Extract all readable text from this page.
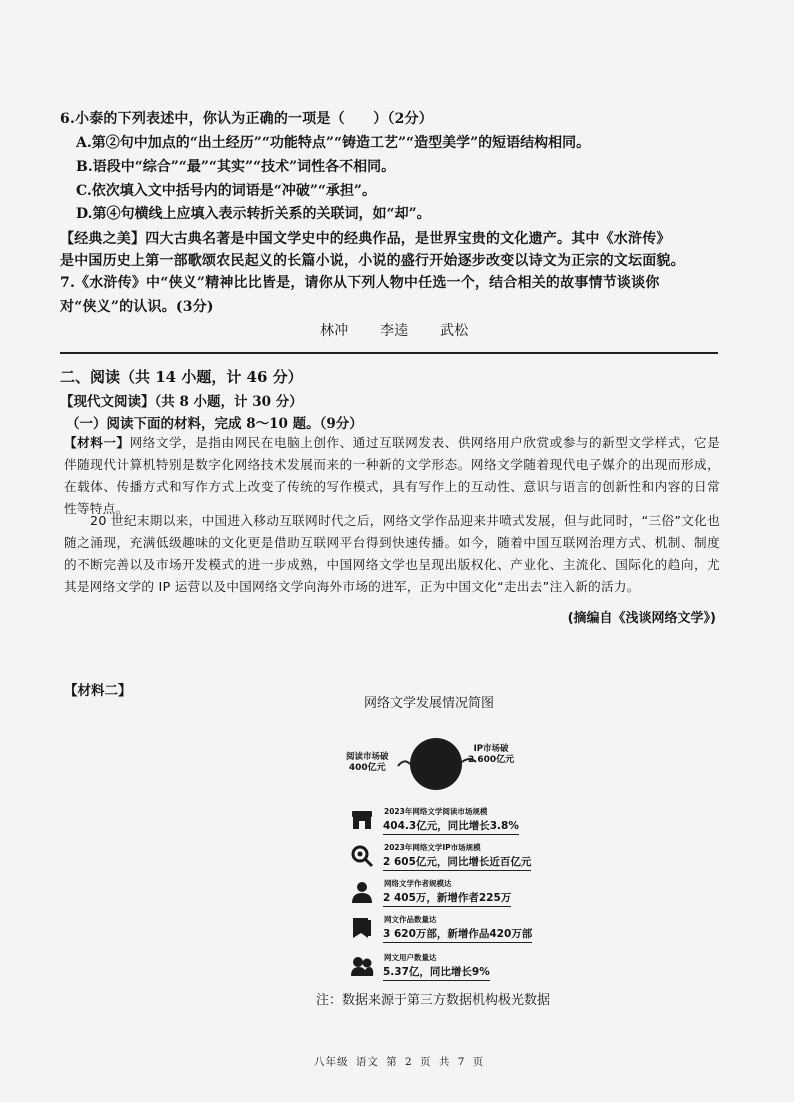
6.小泰的下列表述中，你认为正确的一项是（　　）（2分）
A.第②句中加点的“出土经历”“功能特点”“铸造工艺”“造型美学”的短语结构相同。
B.语段中“综合”“最”“其实”“技术”词性各不相同。
C.依次填入文中括号内的词语是“冲破”“承担”。
D.第④句横线上应填入表示转折关系的关联词，如“却”。
【经典之美】四大古典名著是中国文学史中的经典作品，是世界宝贵的文化遗产。其中《水浒传》
是中国历史上第一部歌颂农民起义的长篇小说，小说的盛行开始逐步改变以诗文为正宗的文坛面貌。
7.《水浒传》中“侠义”精神比比皆是，请你从下列人物中任选一个，结合相关的故事情节谈谈你
对“侠义”的认识。(3分)
林冲 李逵 武松
二、阅读（共 14 小题，计 46 分）
【现代文阅读】（共 8 小题，计 30 分）
（一）阅读下面的材料，完成 8～10 题。（9分）
【材料一】网络文学，是指由网民在电脑上创作、通过互联网发表、供网络用户欣赏或参与的新型文学样式，它是伴随现代计算机特别是数字化网络技术发展而来的一种新的文学形态。网络文学随着现代电子媒介的出现而形成，在载体、传播方式和写作方式上改变了传统的写作模式，具有写作上的互动性、意识与语言的创新性和内容的日常性等特点。
20 世纪末期以来，中国进入移动互联网时代之后，网络文学作品迎来井喷式发展，但与此同时，“三俗”文化也随之涌现，充满低级趣味的文化更是借助互联网平台得到快速传播。如今，随着中国互联网治理方式、机制、制度的不断完善以及市场开发模式的进一步成熟，中国网络文学也呈现出版权化、产业化、主流化、国际化的趋向，尤其是网络文学的 IP 运营以及中国网络文学向海外市场的进军，正为中国文化“走出去”注入新的活力。
(摘编自《浅谈网络文学》)
【材料二】
网络文学发展情况简图
阅读市场破
400亿元
IP市场破
2 600亿元
2023年网络文学阅读市场规模
404.3亿元，同比增长3.8%
2023年网络文学IP市场规模
2 605亿元，同比增长近百亿元
网络文学作者规模达
2 405万，新增作者225万
网文作品数量达
3 620万部，新增作品420万部
网文用户数量达
5.37亿，同比增长9%
注：数据来源于第三方数据机构极光数据
八年级 语文 第 2 页 共 7 页
